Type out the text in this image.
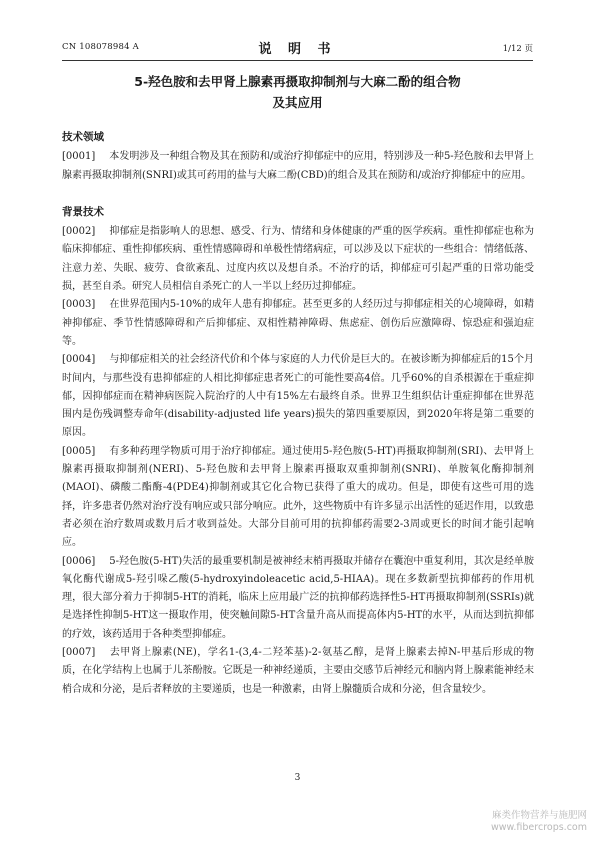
CN 108078984 A	说 明 书	1/12 页
5-羟色胺和去甲肾上腺素再摄取抑制剂与大麻二酚的组合物
及其应用
技术领域

[0001] 本发明涉及一种组合物及其在预防和/或治疗抑郁症中的应用，特别涉及一种5-羟色胺和去甲肾上腺素再摄取抑制剂(SNRI)或其可药用的盐与大麻二酚(CBD)的组合及其在预防和/或治疗抑郁症中的应用。

背景技术

[0002] 抑郁症是指影响人的思想、感受、行为、情绪和身体健康的严重的医学疾病。重性抑郁症也称为临床抑郁症、重性抑郁疾病、重性情感障碍和单极性情绪病症，可以涉及以下症状的一些组合：情绪低落、注意力差、失眠、疲劳、食欲紊乱、过度内疚以及想自杀。不治疗的话，抑郁症可引起严重的日常功能受损，甚至自杀。研究人员相信自杀死亡的人一半以上经历过抑郁症。

[0003] 在世界范围内5-10%的成年人患有抑郁症。甚至更多的人经历过与抑郁症相关的心境障碍，如精神抑郁症、季节性情感障碍和产后抑郁症、双相性精神障碍、焦虑症、创伤后应激障碍、惊恐症和强迫症等。

[0004] 与抑郁症相关的社会经济代价和个体与家庭的人力代价是巨大的。在被诊断为抑郁症后的15个月时间内，与那些没有患抑郁症的人相比抑郁症患者死亡的可能性要高4倍。几乎60%的自杀根源在于重症抑郁，因抑郁症而在精神病医院入院治疗的人中有15%左右最终自杀。世界卫生组织估计重症抑郁在世界范围内是伤残调整寿命年(disability-adjusted life years)损失的第四重要原因，到2020年将是第二重要的原因。

[0005] 有多种药理学物质可用于治疗抑郁症。通过使用5-羟色胺(5-HT)再摄取抑制剂(SRI)、去甲肾上腺素再摄取抑制剂(NERI)、5-羟色胺和去甲肾上腺素再摄取双重抑制剂(SNRI)、单胺氧化酶抑制剂(MAOI)、磷酸二酯酶-4(PDE4)抑制剂或其它化合物已获得了重大的成功。但是，即使有这些可用的选择，许多患者仍然对治疗没有响应或只部分响应。此外，这些物质中有许多显示出活性的延迟作用，以致患者必须在治疗数周或数月后才收到益处。大部分目前可用的抗抑郁药需要2-3周或更长的时间才能引起响应。

[0006] 5-羟色胺(5-HT)失活的最重要机制是被神经末梢再摄取并储存在囊泡中重复利用，其次是经单胺氧化酶代谢成5-羟引哚乙酸(5-hydroxyindoleacetic acid,5-HIAA)。现在多数新型抗抑郁药的作用机理，很大部分着力于抑制5-HT的消耗，临床上应用最广泛的抗抑郁药选择性5-HT再摄取抑制剂(SSRIs)就是选择性抑制5-HT这一摄取作用，使突触间隙5-HT含量升高从而提高体内5-HT的水平，从而达到抗抑郁的疗效，该药适用于各种类型抑郁症。

[0007] 去甲肾上腺素(NE)，学名1-(3,4-二羟苯基)-2-氨基乙醇，是肾上腺素去掉N-甲基后形成的物质，在化学结构上也属于儿茶酚胺。它既是一种神经递质，主要由交感节后神经元和脑内肾上腺素能神经末梢合成和分泌，是后者释放的主要递质，也是一种激素，由肾上腺髓质合成和分泌，但含量较少。

3
麻类作物营养与施肥网
www.fibercrops.com
